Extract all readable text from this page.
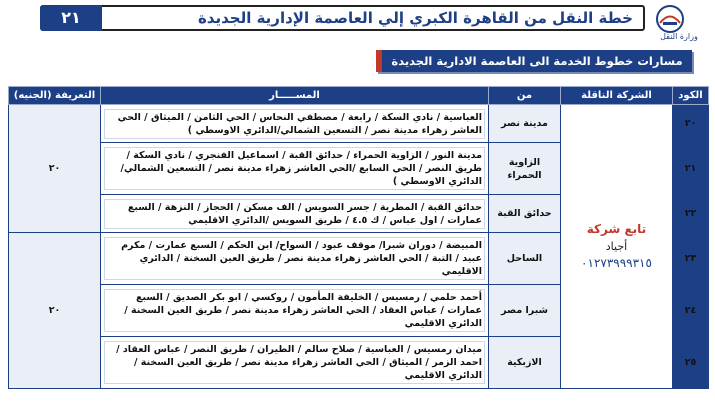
خطة النقل من القاهرة الكبري إلي العاصمة الإدارية الجديدة
٢١
وزارة النقل
مسارات خطوط الخدمة الى العاصمة الادارية الجديدة
الكود	الشركة الناقلة	من	المســـــار	التعريفة (الجنيه)
٢٠	تابع شركة
أجياد
٠١٢٧٣٩٩٩٣١٥	مدينة نصر	العباسية / نادي السكة / رابعة / مصطفي النحاس / الحي الثامن / الميثاق / الحي العاشر زهراء مدينة نصر / التسعين الشمالي/الدائري الاوسطي )	٢٠
٢١		الزاوية الحمراء	مدينة النور / الزاوية الحمراء / حدائق القبة / اسماعيل الفنجري / نادي السكة / طريق النصر / الحي السابع /الحي العاشر زهراء مدينة نصر / التسعين الشمالي/الدائري الاوسطي )	

٢٢		حدائق القبة	حدائق القبة / المطرية / جسر السويس / الف مسكن / الحجاز / النزهة / السبع عمارات / اول عباس / ك ٤.٥ / طريق السويس /الدائري الاقليمي	

٢٣		الساحل	المبيضة / دوران شبرا/ موقف عبود / السواح/ ابن الحكم / السبع عمارت / مكرم عبيد / التبة / الحي العاشر زهراء مدينة نصر / طريق العين السخنة / الدائري الاقليمي	٢٠
٢٤		شبرا مصر	أحمد حلمي / رمسيس / الخليفة المأمون / روكسي / ابو بكر الصديق / السبع عمارات / عباس العقاد / الحي العاشر زهراء مدينة نصر / طريق العين السخنة / الدائري الاقليمي	

٢٥		الازبكية	ميدان رمسيس / العباسية / صلاح سالم / الطيران / طريق النصر / عباس العقاد / احمد الزمر / الميثاق / الحي العاشر زهراء مدينة نصر / طريق العين السخنة / الدائري الاقليمي	
